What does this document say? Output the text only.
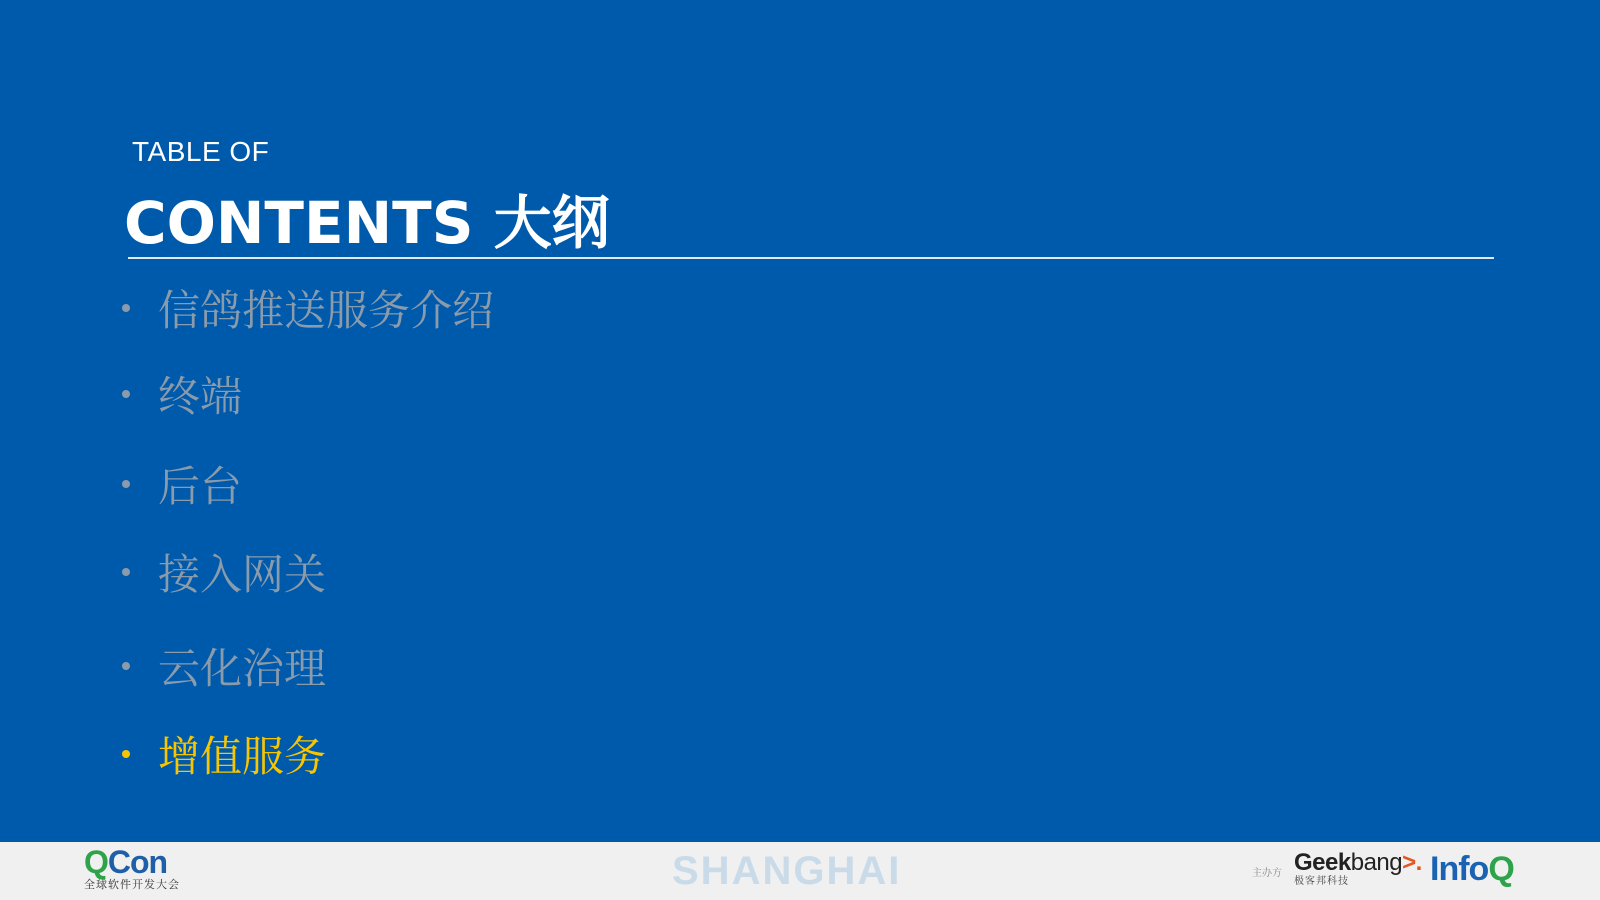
TABLE OF
CONTENTS 大纲
信鸽推送服务介绍
终端
后台
接入网关
云化治理
增值服务
QCon
全球软件开发大会	SHANGHAI	主办方 Geekbang>.
极客邦科技	InfoQ
